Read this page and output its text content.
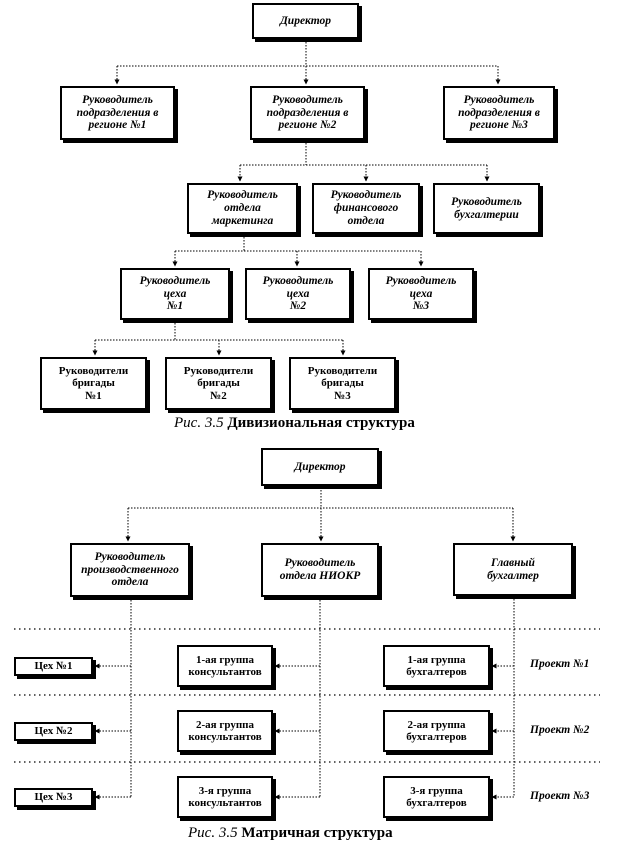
Директор
Руководитель
подразделения в
регионе №1
Руководитель
подразделения в
регионе №2
Руководитель
подразделения в
регионе №3
Руководитель
отдела
маркетинга
Руководитель
финансового
отдела
Руководитель
бухгалтерии
Руководитель
цеха
№1
Руководитель
цеха
№2
Руководитель
цеха
№3
Руководители
бригады
№1
Руководители
бригады
№2
Руководители
бригады
№3
Рис. 3.5 Дивизиональная структура
Директор
Руководитель
производственного
отдела
Руководитель
отдела НИОКР
Главный
бухгалтер
Цех №1
Цех №2
Цех №3
1-ая группа
консультантов
2-ая группа
консультантов
3-я группа
консультантов
1-ая группа
бухгалтеров
2-ая группа
бухгалтеров
3-я группа
бухгалтеров
Проект №1
Проект №2
Проект №3
Рис. 3.5 Матричная структура
